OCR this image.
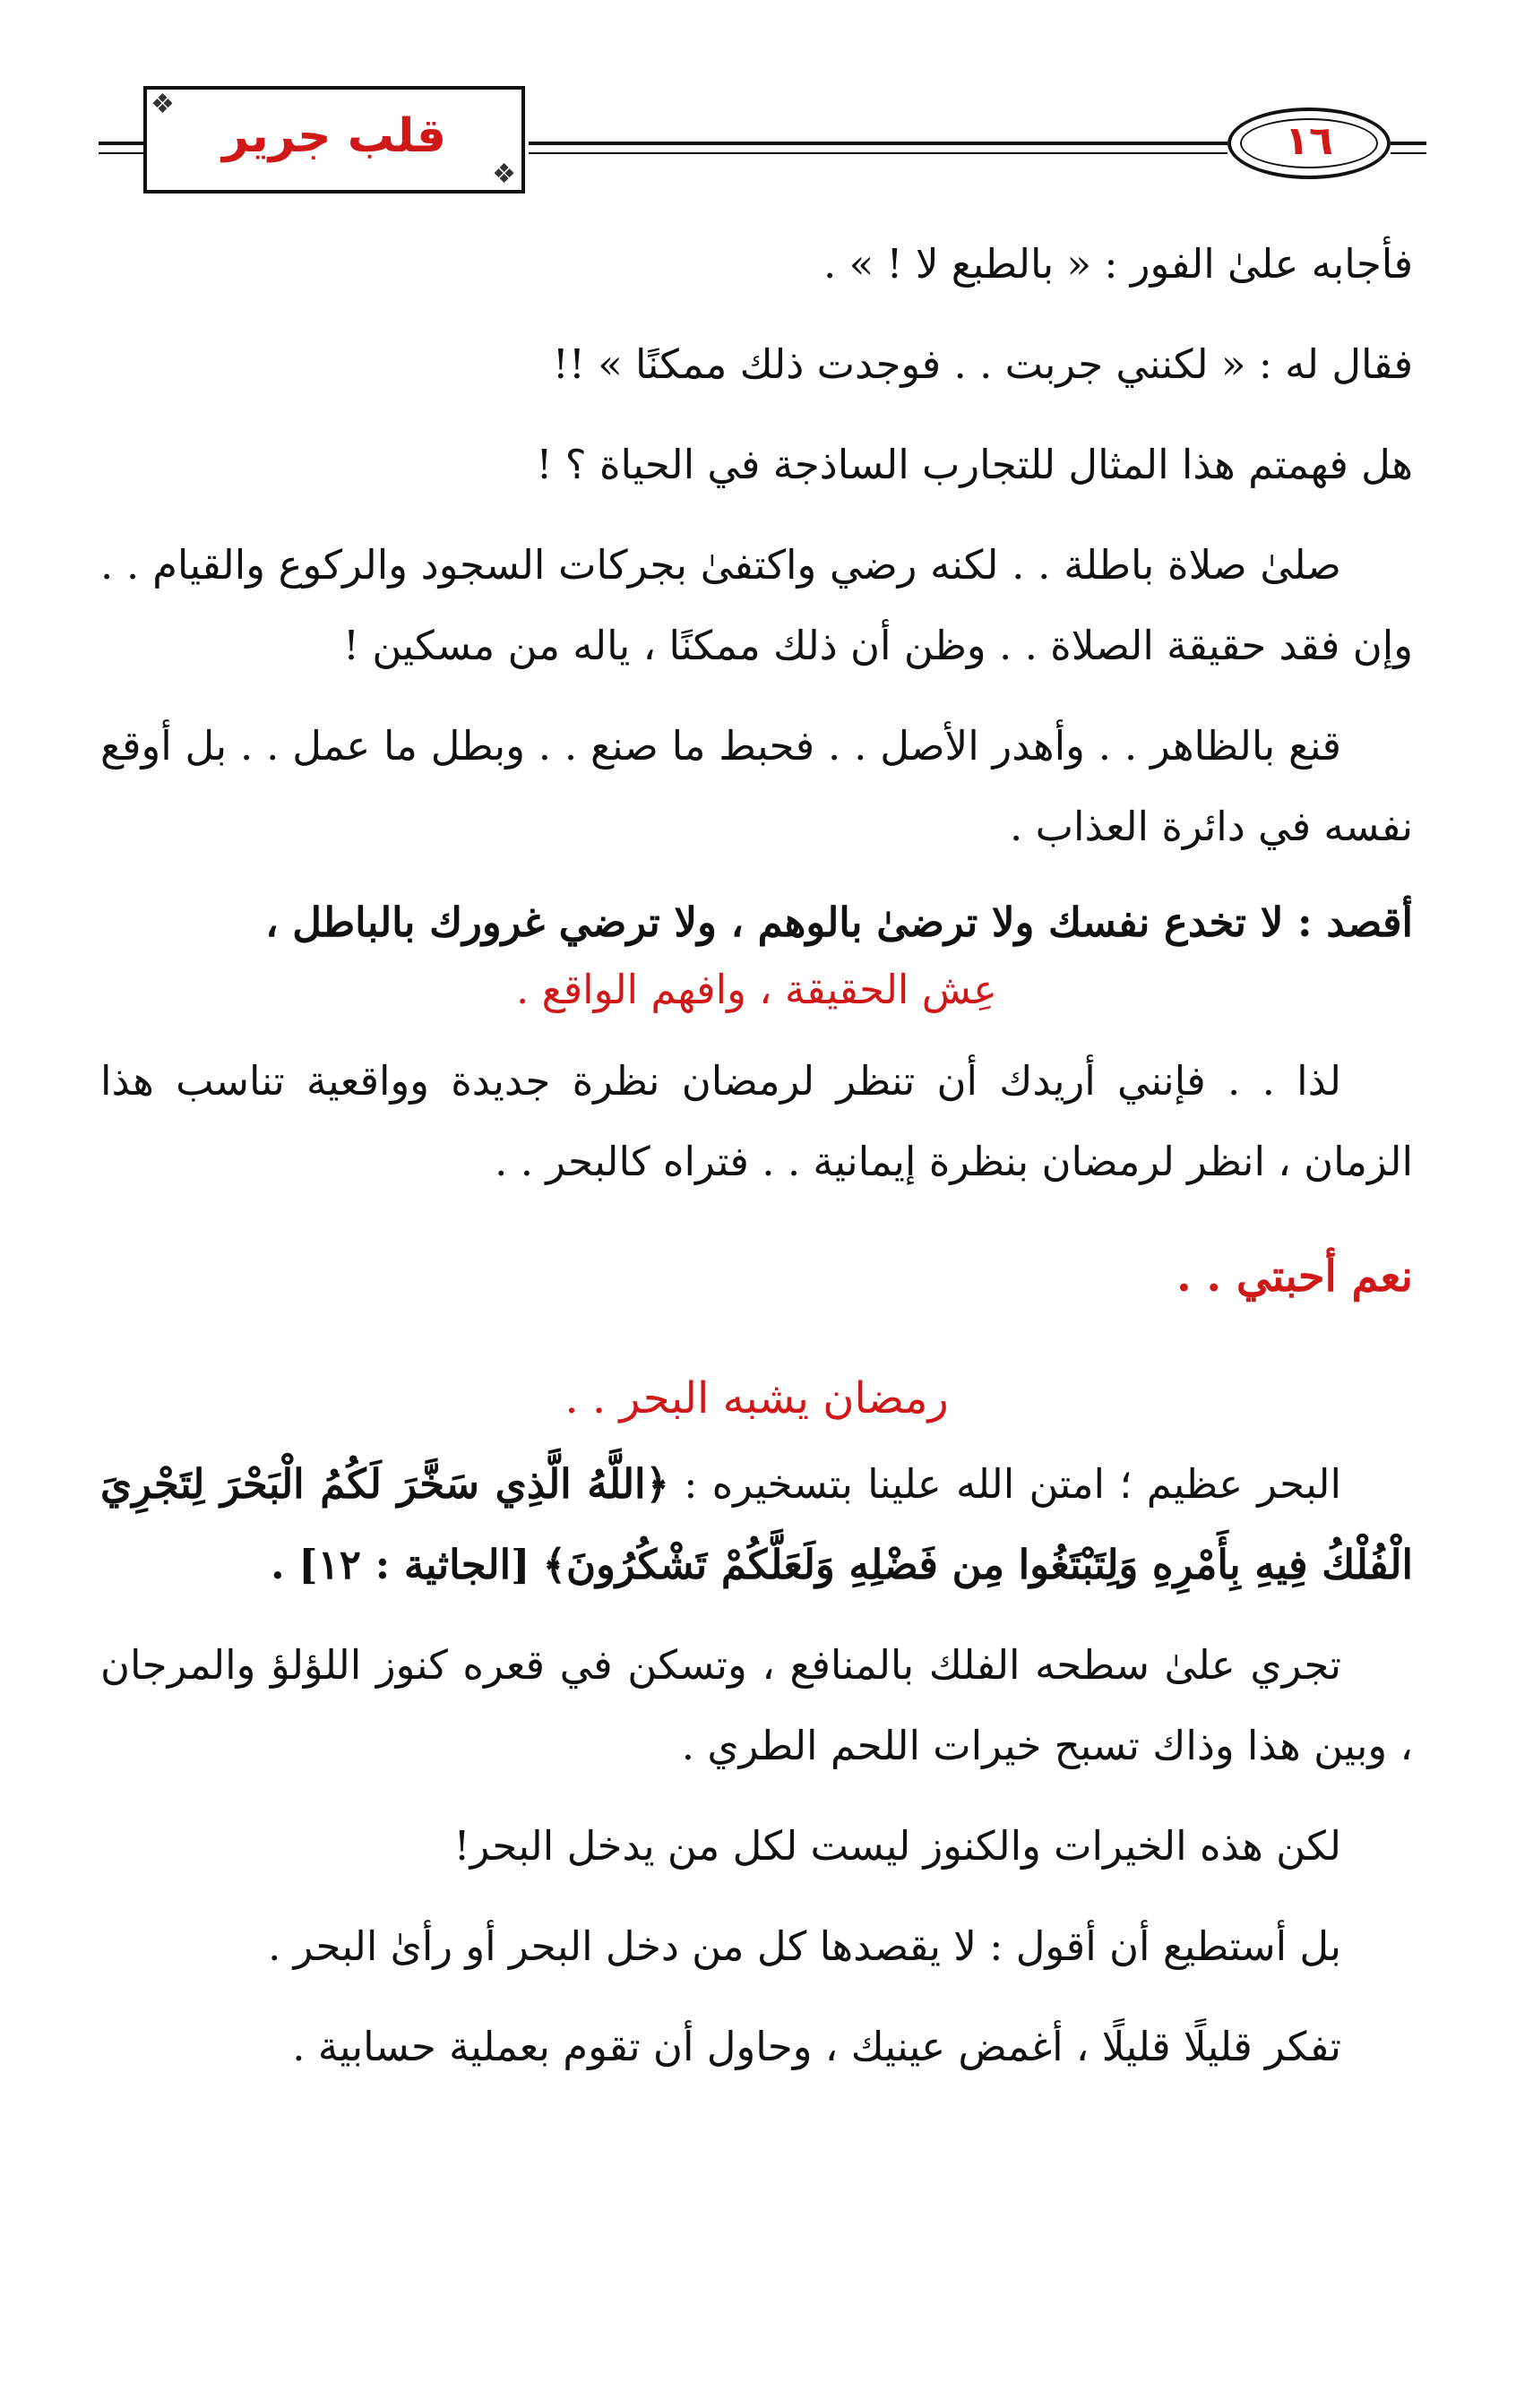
❖
❖
قلب جرير	١٦

فأجابه علىٰ الفور : « بالطبع لا ! » .

فقال له : « لكنني جربت . . فوجدت ذلك ممكنًا » !!

هل فهمتم هذا المثال للتجارب الساذجة في الحياة ؟ !

صلىٰ صلاة باطلة . . لكنه رضي واكتفىٰ بجركات السجود والركوع والقيام . . وإن فقد حقيقة الصلاة . . وظن أن ذلك ممكنًا ، ياله من مسكين !

قنع بالظاهر . . وأهدر الأصل . . فحبط ما صنع . . وبطل ما عمل . . بل أوقع نفسه في دائرة العذاب .

أقصد : لا تخدع نفسك ولا ترضىٰ بالوهم ، ولا ترضي غرورك بالباطل ،

عِش الحقيقة ، وافهم الواقع .

لذا . . فإنني أريدك أن تنظر لرمضان نظرة جديدة وواقعية تناسب هذا الزمان ، انظر لرمضان بنظرة إيمانية . . فتراه كالبحر . .

نعم أحبتي . .
رمضان يشبه البحر . .

البحر عظيم ؛ امتن الله علينا بتسخيره : ﴿اللَّهُ الَّذِي سَخَّرَ لَكُمُ الْبَحْرَ لِتَجْرِيَ الْفُلْكُ فِيهِ بِأَمْرِهِ وَلِتَبْتَغُوا مِن فَضْلِهِ وَلَعَلَّكُمْ تَشْكُرُونَ﴾ [الجاثية : ١٢] .

تجري علىٰ سطحه الفلك بالمنافع ، وتسكن في قعره كنوز اللؤلؤ والمرجان ، وبين هذا وذاك تسبح خيرات اللحم الطري .

لكن هذه الخيرات والكنوز ليست لكل من يدخل البحر!

بل أستطيع أن أقول : لا يقصدها كل من دخل البحر أو رأىٰ البحر .

تفكر قليلًا قليلًا ، أغمض عينيك ، وحاول أن تقوم بعملية حسابية .
